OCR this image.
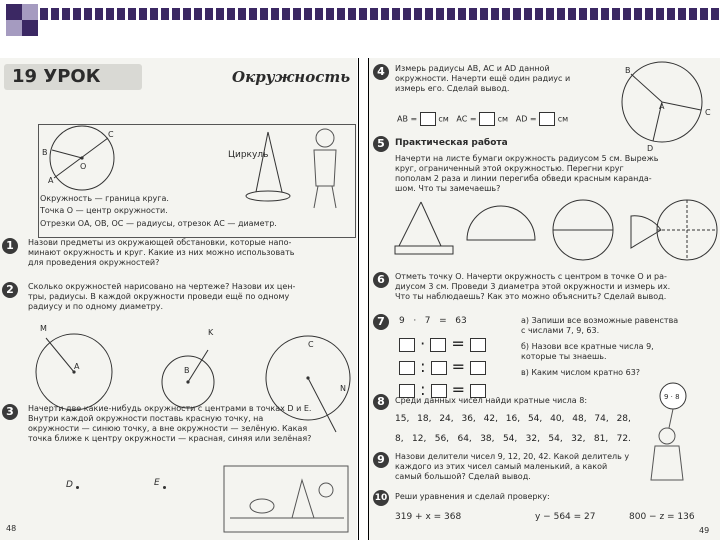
19 УРОК	Окружность
B
C
O
A
Циркуль
Окружность — граница круга.
Точка О — центр окружности.
Отрезки ОА, ОВ, ОС — радиусы, отрезок АС — диаметр.
1	Назови предметы из окружающей обстановки, которые напо-
минают окружность и круг. Какие из них можно использовать
для проведения окружностей?
2	Сколько окружностей нарисовано на чертеже? Назови их цен-
тры, радиусы. В каждой окружности проведи ещё по одному
радиусу и по одному диаметру.
M
A
K
B
C
N
3	Начерти две какие-нибудь окружности с центрами в точках D и E.
Внутри каждой окружности поставь красную точку, на
окружности — синюю точку, а вне окружности — зелёную. Какая
точка ближе к центру окружности — красная, синяя или зелёная?
D	E
48
4	Измерь радиусы AB, AC и AD данной
окружности. Начерти ещё один радиус и
измерь его. Сделай вывод.
AB =	см AC =	см AD =	см
B
A
C
D
5	Практическая работа
Начерти на листе бумаги окружность радиусом 5 см. Вырежь
круг, ограниченный этой окружностью. Перегни круг
пополам 2 раза и линии перегиба обведи красным каранда-
шом. Что ты замечаешь?
6	Отметь точку О. Начерти окружность с центром в точке О и ра-
диусом 3 см. Проведи 3 диаметра этой окружности и измерь их.
Что ты наблюдаешь? Как это можно объяснить? Сделай вывод.
7	9 · 7 = 63
·  =
:  =
:  =
а) Запиши все возможные равенства
с числами 7, 9, 63.
б) Назови все кратные числа 9,
которые ты знаешь.
в) Каким числом кратно 63?
8	Среди данных чисел найди кратные числа 8:
15, 18, 24, 36, 42, 16, 54, 40, 48, 74, 28,
8, 12, 56, 64, 38, 54, 32, 54, 32, 81, 72.
9 · 8
9	Назови делители чисел 9, 12, 20, 42. Какой делитель у
каждого из этих чисел самый маленький, а какой
самый большой? Сделай вывод.
10 Реши уравнения и сделай проверку:
319 + x = 368	y − 564 = 27	800 − z = 136
49
